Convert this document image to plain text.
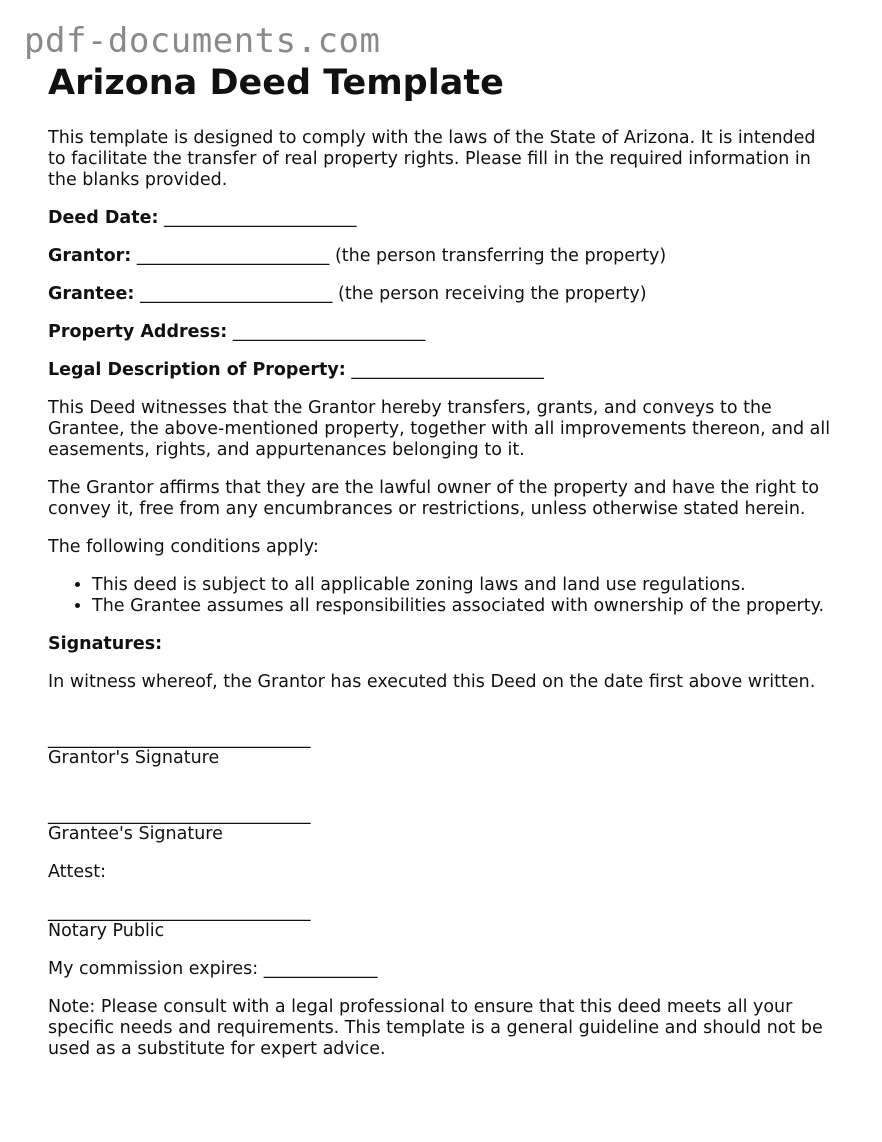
pdf-documents.com
Arizona Deed Template

This template is designed to comply with the laws of the State of Arizona. It is intended to facilitate the transfer of real property rights. Please fill in the required information in the blanks provided.

Deed Date: ______________________

Grantor: ______________________ (the person transferring the property)

Grantee: ______________________ (the person receiving the property)

Property Address: ______________________

Legal Description of Property: ______________________

This Deed witnesses that the Grantor hereby transfers, grants, and conveys to the Grantee, the above-mentioned property, together with all improvements thereon, and all easements, rights, and appurtenances belonging to it.

The Grantor affirms that they are the lawful owner of the property and have the right to convey it, free from any encumbrances or restrictions, unless otherwise stated herein.

The following conditions apply:

• This deed is subject to all applicable zoning laws and land use regulations.
• The Grantee assumes all responsibilities associated with ownership of the property.

Signatures:

In witness whereof, the Grantor has executed this Deed on the date first above written.

______________________________
Grantor's Signature
______________________________
Grantee's Signature

Attest:

______________________________
Notary Public

My commission expires: _____________

Note: Please consult with a legal professional to ensure that this deed meets all your specific needs and requirements. This template is a general guideline and should not be used as a substitute for expert advice.
